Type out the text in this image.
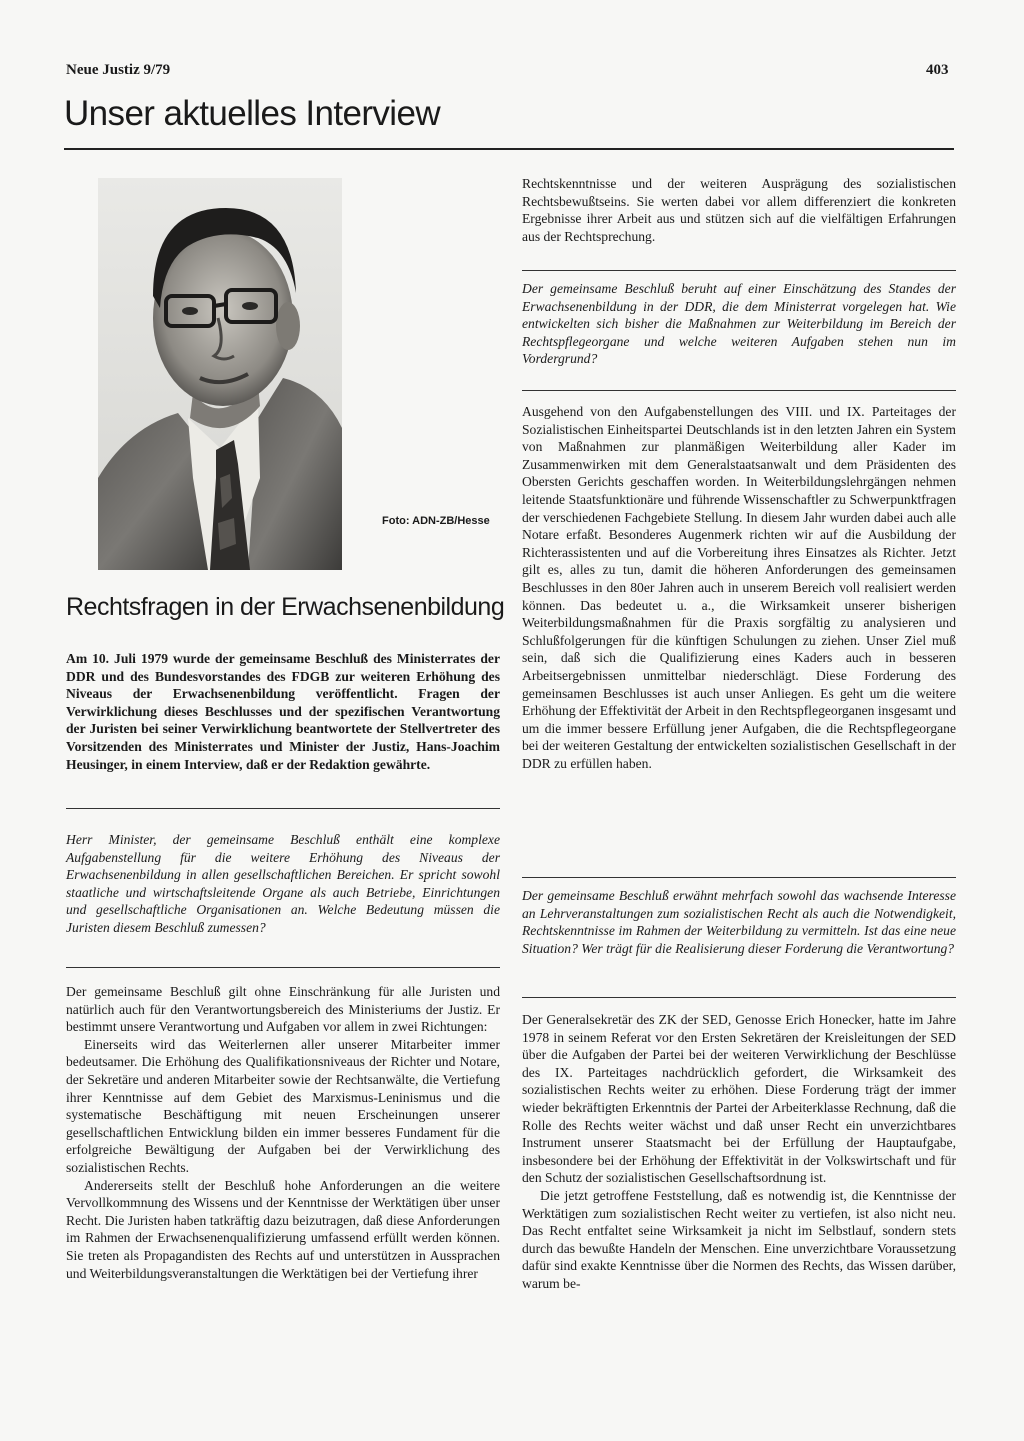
Neue Justiz 9/79	403
Unser aktuelles Interview
Foto: ADN-ZB/Hesse
Rechtsfragen in der Erwachsenenbildung
Am 10. Juli 1979 wurde der gemeinsame Beschluß des Ministerrates der DDR und des Bundesvorstandes des FDGB zur weiteren Erhöhung des Niveaus der Erwachsenenbildung veröffentlicht. Fragen der Verwirklichung dieses Beschlusses und der spezifischen Verantwortung der Juristen bei seiner Verwirklichung beantwortete der Stellvertreter des Vorsitzenden des Ministerrates und Minister der Justiz, Hans-Joachim Heusinger, in einem Interview, daß er der Redaktion gewährte.
Herr Minister, der gemeinsame Beschluß enthält eine komplexe Aufgabenstellung für die weitere Erhöhung des Niveaus der Erwachsenenbildung in allen gesellschaftlichen Bereichen. Er spricht sowohl staatliche und wirtschaftsleitende Organe als auch Betriebe, Einrichtungen und gesellschaftliche Organisationen an. Welche Bedeutung müssen die Juristen diesem Beschluß zumessen?

Der gemeinsame Beschluß gilt ohne Einschränkung für alle Juristen und natürlich auch für den Verantwortungsbereich des Ministeriums der Justiz. Er bestimmt unsere Verantwortung und Aufgaben vor allem in zwei Richtungen:

Einerseits wird das Weiterlernen aller unserer Mitarbeiter immer bedeutsamer. Die Erhöhung des Qualifikationsniveaus der Richter und Notare, der Sekretäre und anderen Mitarbeiter sowie der Rechtsanwälte, die Vertiefung ihrer Kenntnisse auf dem Gebiet des Marxismus-Leninismus und die systematische Beschäftigung mit neuen Erscheinungen unserer gesellschaftlichen Entwicklung bilden ein immer besseres Fundament für die erfolgreiche Bewältigung der Aufgaben bei der Verwirklichung des sozialistischen Rechts.

Andererseits stellt der Beschluß hohe Anforderungen an die weitere Vervollkommnung des Wissens und der Kenntnisse der Werktätigen über unser Recht. Die Juristen haben tatkräftig dazu beizutragen, daß diese Anforderungen im Rahmen der Erwachsenenqualifizierung umfassend erfüllt werden können. Sie treten als Propagandisten des Rechts auf und unterstützen in Aussprachen und Weiterbildungsveranstaltungen die Werktätigen bei der Vertiefung ihrer

Rechtskenntnisse und der weiteren Ausprägung des sozialistischen Rechtsbewußtseins. Sie werten dabei vor allem differenziert die konkreten Ergebnisse ihrer Arbeit aus und stützen sich auf die vielfältigen Erfahrungen aus der Rechtsprechung.
Der gemeinsame Beschluß beruht auf einer Einschätzung des Standes der Erwachsenenbildung in der DDR, die dem Ministerrat vorgelegen hat. Wie entwickelten sich bisher die Maßnahmen zur Weiterbildung im Bereich der Rechtspflegeorgane und welche weiteren Aufgaben stehen nun im Vordergrund?
Ausgehend von den Aufgabenstellungen des VIII. und IX. Parteitages der Sozialistischen Einheitspartei Deutschlands ist in den letzten Jahren ein System von Maßnahmen zur planmäßigen Weiterbildung aller Kader im Zusammenwirken mit dem Generalstaatsanwalt und dem Präsidenten des Obersten Gerichts geschaffen worden. In Weiterbildungslehrgängen nehmen leitende Staatsfunktionäre und führende Wissenschaftler zu Schwerpunktfragen der verschiedenen Fachgebiete Stellung. In diesem Jahr wurden dabei auch alle Notare erfaßt. Besonderes Augenmerk richten wir auf die Ausbildung der Richterassistenten und auf die Vorbereitung ihres Einsatzes als Richter. Jetzt gilt es, alles zu tun, damit die höheren Anforderungen des gemeinsamen Beschlusses in den 80er Jahren auch in unserem Bereich voll realisiert werden können. Das bedeutet u. a., die Wirksamkeit unserer bisherigen Weiterbildungsmaßnahmen für die Praxis sorgfältig zu analysieren und Schlußfolgerungen für die künftigen Schulungen zu ziehen. Unser Ziel muß sein, daß sich die Qualifizierung eines Kaders auch in besseren Arbeitsergebnissen unmittelbar niederschlägt. Diese Forderung des gemeinsamen Beschlusses ist auch unser Anliegen. Es geht um die weitere Erhöhung der Effektivität der Arbeit in den Rechtspflegeorganen insgesamt und um die immer bessere Erfüllung jener Aufgaben, die die Rechtspflegeorgane bei der weiteren Gestaltung der entwickelten sozialistischen Gesellschaft in der DDR zu erfüllen haben.
Der gemeinsame Beschluß erwähnt mehrfach sowohl das wachsende Interesse an Lehrveranstaltungen zum sozialistischen Recht als auch die Notwendigkeit, Rechtskenntnisse im Rahmen der Weiterbildung zu vermitteln. Ist das eine neue Situation? Wer trägt für die Realisierung dieser Forderung die Verantwortung?

Der Generalsekretär des ZK der SED, Genosse Erich Honecker, hatte im Jahre 1978 in seinem Referat vor den Ersten Sekretären der Kreisleitungen der SED über die Aufgaben der Partei bei der weiteren Verwirklichung der Beschlüsse des IX. Parteitages nachdrücklich gefordert, die Wirksamkeit des sozialistischen Rechts weiter zu erhöhen. Diese Forderung trägt der immer wieder bekräftigten Erkenntnis der Partei der Arbeiterklasse Rechnung, daß die Rolle des Rechts weiter wächst und daß unser Recht ein unverzichtbares Instrument unserer Staatsmacht bei der Erfüllung der Hauptaufgabe, insbesondere bei der Erhöhung der Effektivität in der Volkswirtschaft und für den Schutz der sozialistischen Gesellschaftsordnung ist.

Die jetzt getroffene Feststellung, daß es notwendig ist, die Kenntnisse der Werktätigen zum sozialistischen Recht weiter zu vertiefen, ist also nicht neu. Das Recht entfaltet seine Wirksamkeit ja nicht im Selbstlauf, sondern stets durch das bewußte Handeln der Menschen. Eine unverzichtbare Voraussetzung dafür sind exakte Kenntnisse über die Normen des Rechts, das Wissen darüber, warum be-
